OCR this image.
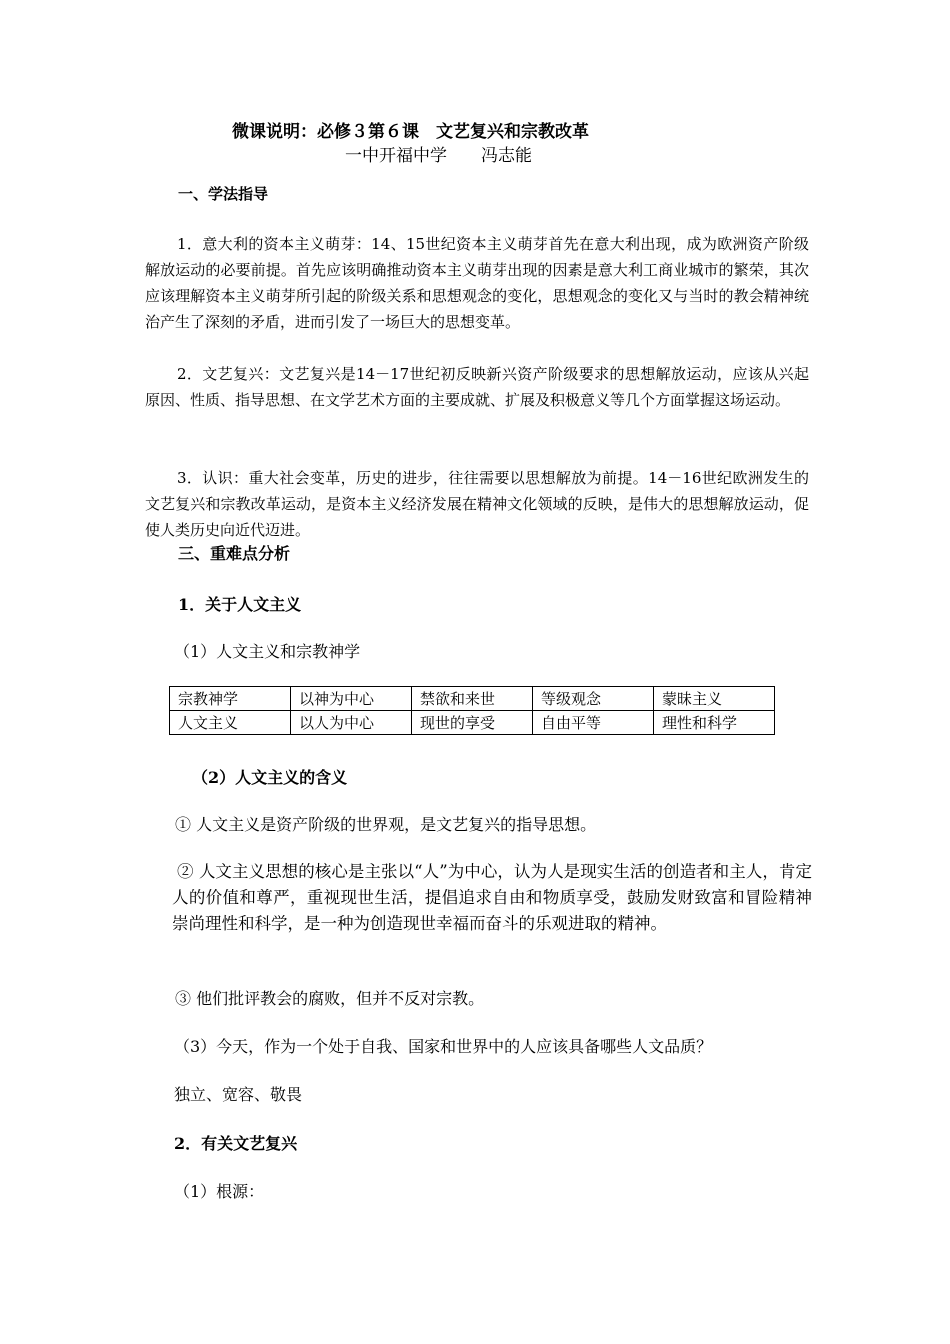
微课说明：必修３第６课　文艺复兴和宗教改革
一中开福中学　　冯志能
一、学法指导
1．意大利的资本主义萌芽：14、15世纪资本主义萌芽首先在意大利出现，成为欧洲资产阶级解放运动的必要前提。首先应该明确推动资本主义萌芽出现的因素是意大利工商业城市的繁荣，其次应该理解资本主义萌芽所引起的阶级关系和思想观念的变化，思想观念的变化又与当时的教会精神统治产生了深刻的矛盾，进而引发了一场巨大的思想变革。
2．文艺复兴：文艺复兴是14－17世纪初反映新兴资产阶级要求的思想解放运动，应该从兴起原因、性质、指导思想、在文学艺术方面的主要成就、扩展及积极意义等几个方面掌握这场运动。
3．认识：重大社会变革，历史的进步，往往需要以思想解放为前提。14－16世纪欧洲发生的文艺复兴和宗教改革运动，是资本主义经济发展在精神文化领域的反映，是伟大的思想解放运动，促使人类历史向近代迈进。
三、重难点分析
1．关于人文主义
（1）人文主义和宗教神学
宗教神学	以神为中心	禁欲和来世	等级观念	蒙昧主义
人文主义	以人为中心	现世的享受	自由平等	理性和科学
（2）人文主义的含义
① 人文主义是资产阶级的世界观，是文艺复兴的指导思想。
② 人文主义思想的核心是主张以“人”为中心，认为人是现实生活的创造者和主人，肯定人的价值和尊严，重视现世生活，提倡追求自由和物质享受，鼓励发财致富和冒险精神崇尚理性和科学，是一种为创造现世幸福而奋斗的乐观进取的精神。
③ 他们批评教会的腐败，但并不反对宗教。
（3）今天，作为一个处于自我、国家和世界中的人应该具备哪些人文品质？
独立、宽容、敬畏
2．有关文艺复兴
（1）根源：
